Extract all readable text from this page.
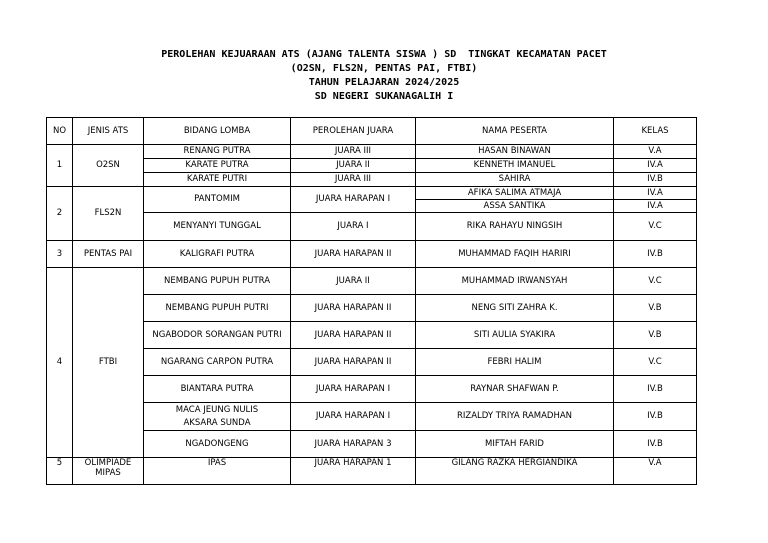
PEROLEHAN KEJUARAAN ATS (AJANG TALENTA SISWA ) SD  TINGKAT KECAMATAN PACET
(O2SN, FLS2N, PENTAS PAI, FTBI)
TAHUN PELAJARAN 2024/2025
SD NEGERI SUKANAGALIH I
NO	JENIS ATS	BIDANG LOMBA	PEROLEHAN JUARA	NAMA PESERTA	KELAS
1	O2SN	RENANG PUTRA	JUARA III	HASAN BINAWAN	V.A
		KARATE PUTRA	JUARA II	KENNETH IMANUEL	IV.A
		KARATE PUTRI	JUARA III	SAHIRA	IV.B
2	FLS2N	PANTOMIM	JUARA HARAPAN I	AFIKA SALIMA ATMAJA	IV.A
				ASSA SANTIKA	IV.A
		MENYANYI TUNGGAL	JUARA I	RIKA RAHAYU NINGSIH	V.C
3	PENTAS PAI	KALIGRAFI PUTRA	JUARA HARAPAN II	MUHAMMAD FAQIH HARIRI	IV.B
4	FTBI	NEMBANG PUPUH PUTRA	JUARA II	MUHAMMAD IRWANSYAH	V.C
		NEMBANG PUPUH PUTRI	JUARA HARAPAN II	NENG SITI ZAHRA K.	V.B
		NGABODOR SORANGAN PUTRI	JUARA HARAPAN II	SITI AULIA SYAKIRA	V.B
		NGARANG CARPON PUTRA	JUARA HARAPAN II	FEBRI HALIM	V.C
		BIANTARA PUTRA	JUARA HARAPAN I	RAYNAR SHAFWAN P.	IV.B
		MACA JEUNG NULIS AKSARA SUNDA	JUARA HARAPAN I	RIZALDY TRIYA RAMADHAN	IV.B
		NGADONGENG	JUARA HARAPAN 3	MIFTAH FARID	IV.B
5	OLIMPIADE MIPAS	IPAS	JUARA HARAPAN 1	GILANG RAZKA HERGIANDIKA	V.A
